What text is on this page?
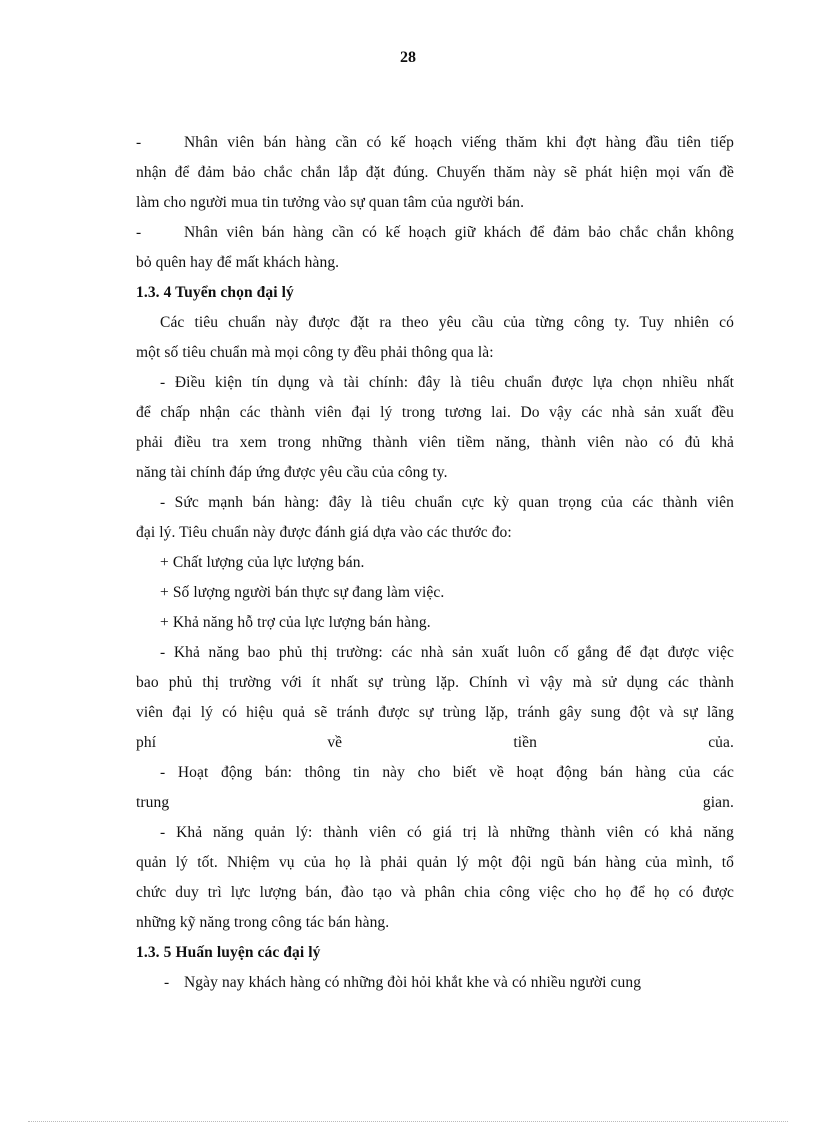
28
-	Nhân viên bán hàng cần có kế hoạch viếng thăm khi đợt hàng đầu tiên tiếp
nhận để đảm bảo chắc chắn lắp đặt đúng. Chuyến thăm này sẽ phát hiện mọi vấn đề
làm cho người mua tin tưởng vào sự quan tâm của người bán.
-	Nhân viên bán hàng cần có kế hoạch giữ khách để đảm bảo chắc chắn không
bỏ quên hay để mất khách hàng.
1.3. 4 Tuyển chọn đại lý
Các tiêu chuẩn này được đặt ra theo yêu cầu của từng công ty. Tuy nhiên có
một số tiêu chuẩn mà mọi công ty đều phải thông qua là:
- Điều kiện tín dụng và tài chính: đây là tiêu chuẩn được lựa chọn nhiều nhất
để chấp nhận các thành viên đại lý trong tương lai. Do vậy các nhà sản xuất đều
phải điều tra xem trong những thành viên tiềm năng, thành viên nào có đủ khả
năng tài chính đáp ứng được yêu cầu của công ty.
- Sức mạnh bán hàng: đây là tiêu chuẩn cực kỳ quan trọng của các thành viên
đại lý. Tiêu chuẩn này được đánh giá dựa vào các thước đo:
+ Chất lượng của lực lượng bán.
+ Số lượng người bán thực sự đang làm việc.
+ Khả năng hỗ trợ của lực lượng bán hàng.
- Khả năng bao phủ thị trường: các nhà sản xuất luôn cố gắng để đạt được việc
bao phủ thị trường với ít nhất sự trùng lặp. Chính vì vậy mà sử dụng các thành
viên đại lý có hiệu quả sẽ tránh được sự trùng lặp, tránh gây sung đột và sự lãng
phí về tiền của.
- Hoạt động bán: thông tin này cho biết về hoạt động bán hàng của các
trung gian.
- Khả năng quản lý: thành viên có giá trị là những thành viên có khả năng
quản lý tốt. Nhiệm vụ của họ là phải quản lý một đội ngũ bán hàng của mình, tổ
chức duy trì lực lượng bán, đào tạo và phân chia công việc cho họ để họ có được
những kỹ năng trong công tác bán hàng.
1.3. 5 Huấn luyện các đại lý
- Ngày nay khách hàng có những đòi hỏi khắt khe và có nhiều người cung
